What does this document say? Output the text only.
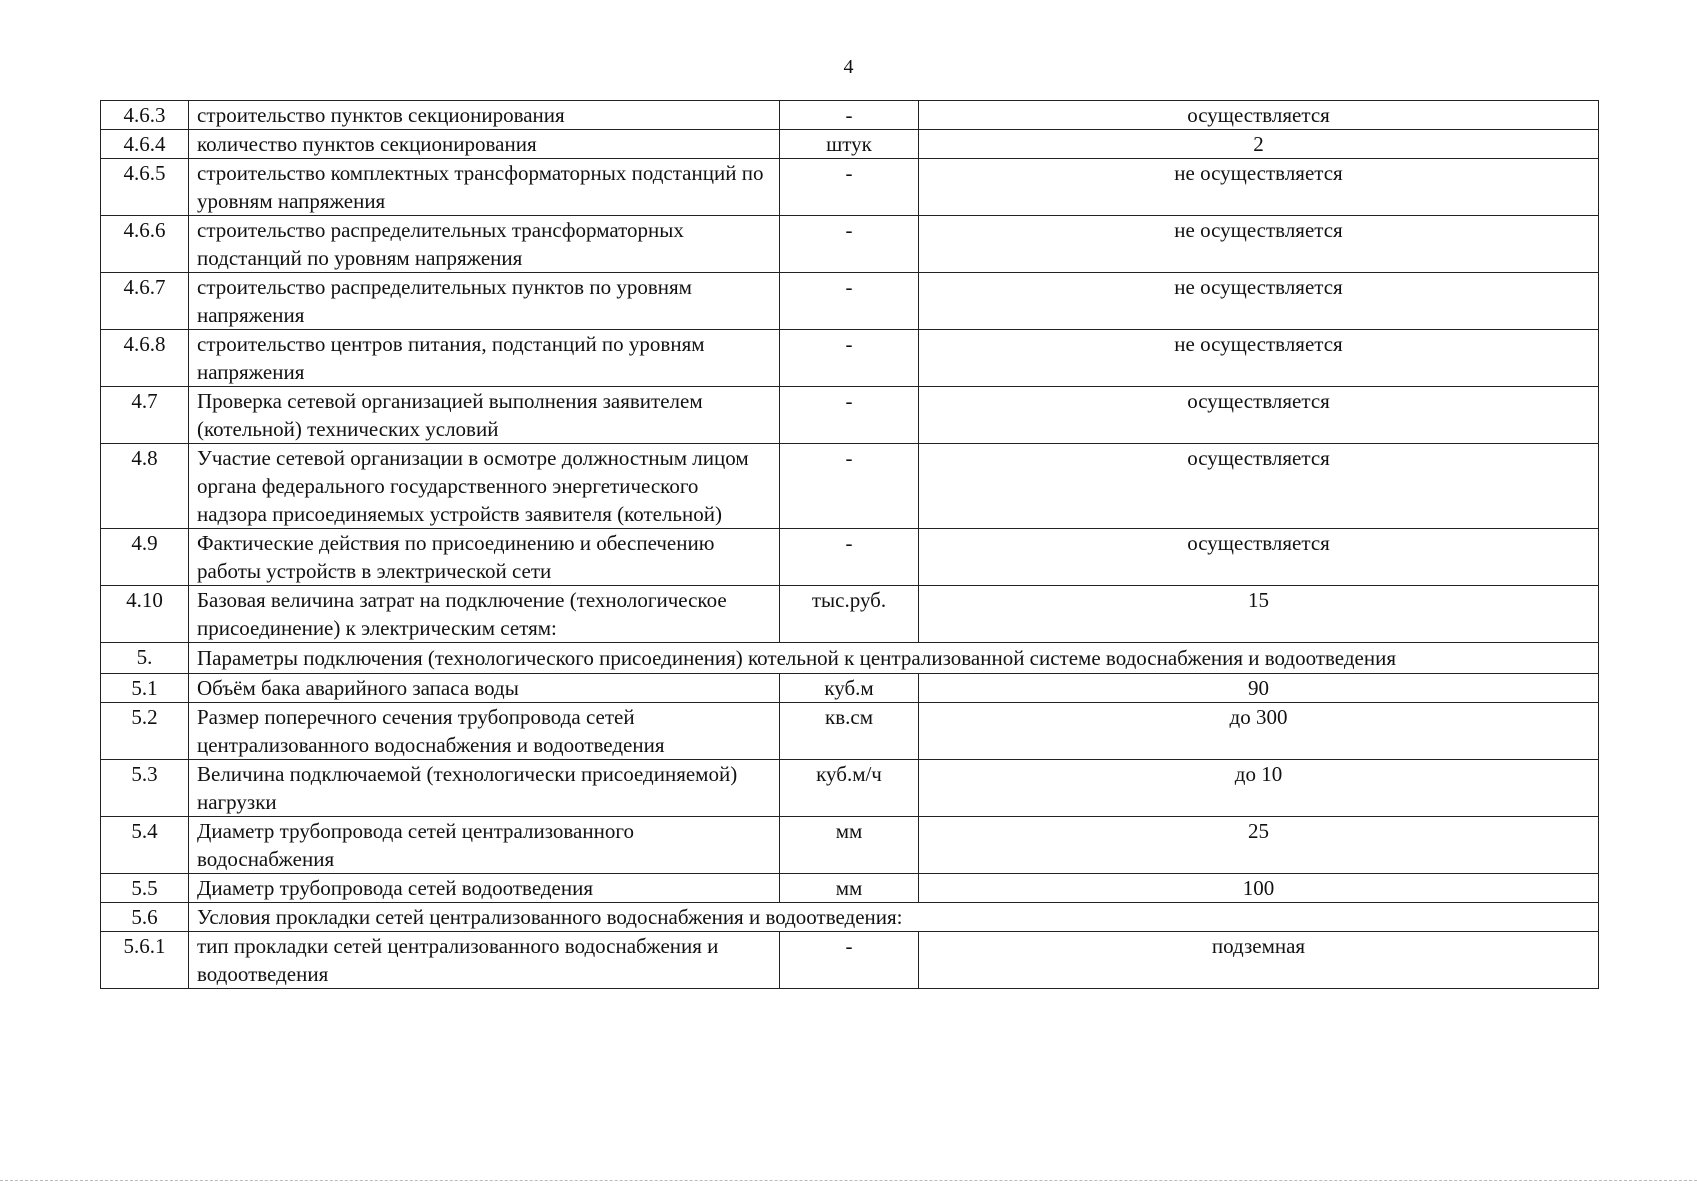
4
4.6.3	строительство пунктов секционирования	-	осуществляется
4.6.4	количество пунктов секционирования	штук	2
4.6.5	строительство комплектных трансформаторных подстанций по уровням напряжения	-	не осуществляется
4.6.6	строительство распределительных трансформаторных подстанций по уровням напряжения	-	не осуществляется
4.6.7	строительство распределительных пунктов по уровням напряжения	-	не осуществляется
4.6.8	строительство центров питания, подстанций по уровням напряжения	-	не осуществляется
4.7	Проверка сетевой организацией выполнения заявителем (котельной) технических условий	-	осуществляется
4.8	Участие сетевой организации в осмотре должностным лицом органа федерального государственного энергетического надзора присоединяемых устройств заявителя (котельной)	-	осуществляется
4.9	Фактические действия по присоединению и обеспечению работы устройств в электрической сети	-	осуществляется
4.10	Базовая величина затрат на подключение (технологическое присоединение) к электрическим сетям:	тыс.руб.	15
5.	Параметры подключения (технологического присоединения) котельной к централизованной системе водоснабжения и водоотведения		
5.1	Объём бака аварийного запаса воды	куб.м	90
5.2	Размер поперечного сечения трубопровода сетей централизованного водоснабжения и водоотведения	кв.см	до 300
5.3	Величина подключаемой (технологически присоединяемой) нагрузки	куб.м/ч	до 10
5.4	Диаметр трубопровода сетей централизованного водоснабжения	мм	25
5.5	Диаметр трубопровода сетей водоотведения	мм	100
5.6	Условия прокладки сетей централизованного водоснабжения и водоотведения:		
5.6.1	тип прокладки сетей централизованного водоснабжения и водоотведения	-	подземная
